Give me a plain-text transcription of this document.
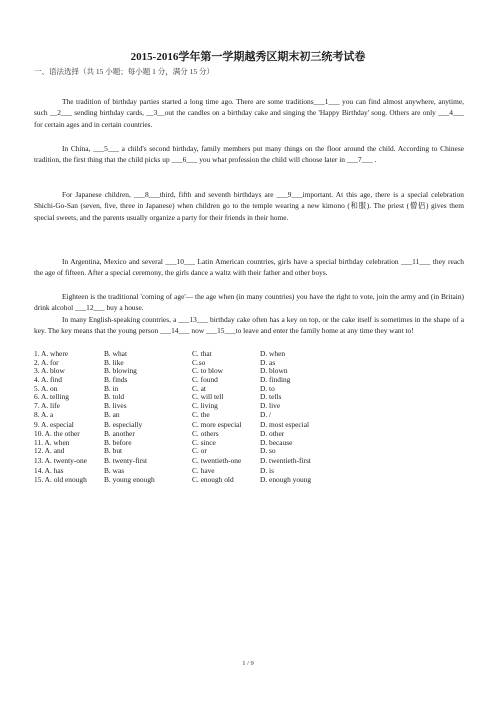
2015-2016学年第一学期越秀区期末初三统考试卷
一、语法选择（共 15 小题；每小题 1 分，满分 15 分）

The tradition of birthday parties started a long time ago. There are some traditions___1___ you can find almost anywhere, anytime, such __2___ sending birthday cards, __3__out the candles on a birthday cake and singing the 'Happy Birthday' song. Others are only ___4___ for certain ages and in certain countries.

In China, ___5___ a child's second birthday, family members put many things on the floor around the child. According to Chinese tradition, the first thing that the child picks up ___6___ you what profession the child will choose later in ___7___ .

For Japanese children, ___8___third, fifth and seventh birthdays are ___9___important. At this age, there is a special celebration Shichi-Go-San (seven, five, three in Japanese) when children go to the temple wearing a new kimono (和服). The priest (僧侣) gives them special sweets, and the parents usually organize a party for their friends in their home.

In Argentina, Mexico and several ___10___ Latin American countries, girls have a special birthday celebration ___11___ they reach the age of fifteen. After a special ceremony, the girls dance a waltz with their father and other boys.

Eighteen is the traditional 'coming of age'— the age when (in many countries) you have the right to vote, join the army and (in Britain) drink alcohol ___12___ buy a house.

In many English-speaking countries, a ___13___ birthday cake often has a key on top, or the cake itself is sometimes in the shape of a key. The key means that the young person ___14___ now ___15___to leave and enter the family home at any time they want to!

1. A. where	B. what	C. that	D. when
2. A. for	B. like	C.so	D. as
3. A. blow	B. blowing	C. to blow	D. blown
4. A. find	B. finds	C. found	D. finding
5. A. on	B. in	C. at	D. to
6. A. telling	B. told	C. will tell	D. tells
7. A. life	B. lives	C. living	D. live
8. A. a	B. an	C. the	D. /
9. A. especial	B. especially	C. more especial	D. most especial
10. A. the other	B. another	C. others	D. other
11. A. when	B. before	C. since	D. because
12. A. and	B. but	C. or	D. so
13. A. twenty-one B. twenty-first	C. twentieth-one	D. twentieth-first
14. A. has	B. was	C. have	D. is
15. A. old enough B. young enough	C. enough old	D. enough young
1 / 9
